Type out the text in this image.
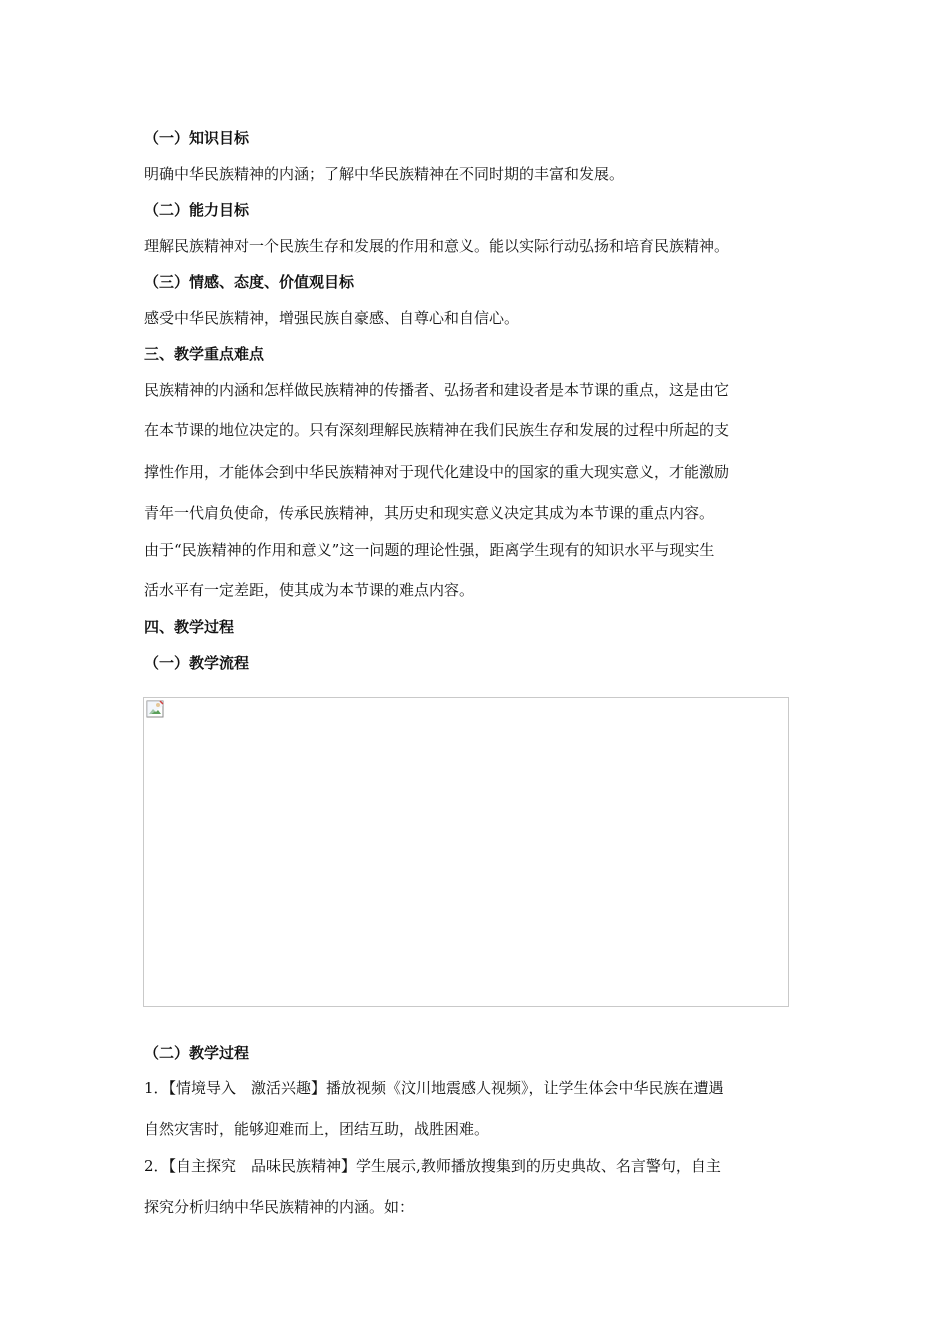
（一）知识目标
明确中华民族精神的内涵；了解中华民族精神在不同时期的丰富和发展。
（二）能力目标
理解民族精神对一个民族生存和发展的作用和意义。能以实际行动弘扬和培育民族精神。
（三）情感、态度、价值观目标
感受中华民族精神，增强民族自豪感、自尊心和自信心。
三、教学重点难点
民族精神的内涵和怎样做民族精神的传播者、弘扬者和建设者是本节课的重点，这是由它
在本节课的地位决定的。只有深刻理解民族精神在我们民族生存和发展的过程中所起的支
撑性作用，才能体会到中华民族精神对于现代化建设中的国家的重大现实意义，才能激励
青年一代肩负使命，传承民族精神，其历史和现实意义决定其成为本节课的重点内容。
由于“民族精神的作用和意义”这一问题的理论性强，距离学生现有的知识水平与现实生
活水平有一定差距，使其成为本节课的难点内容。
四、教学过程
（一）教学流程
（二）教学过程
1．【情境导入　激活兴趣】播放视频《汶川地震感人视频》，让学生体会中华民族在遭遇
自然灾害时，能够迎难而上，团结互助，战胜困难。
2．【自主探究　品味民族精神】学生展示,教师播放搜集到的历史典故、名言警句，自主
探究分析归纳中华民族精神的内涵。如：
